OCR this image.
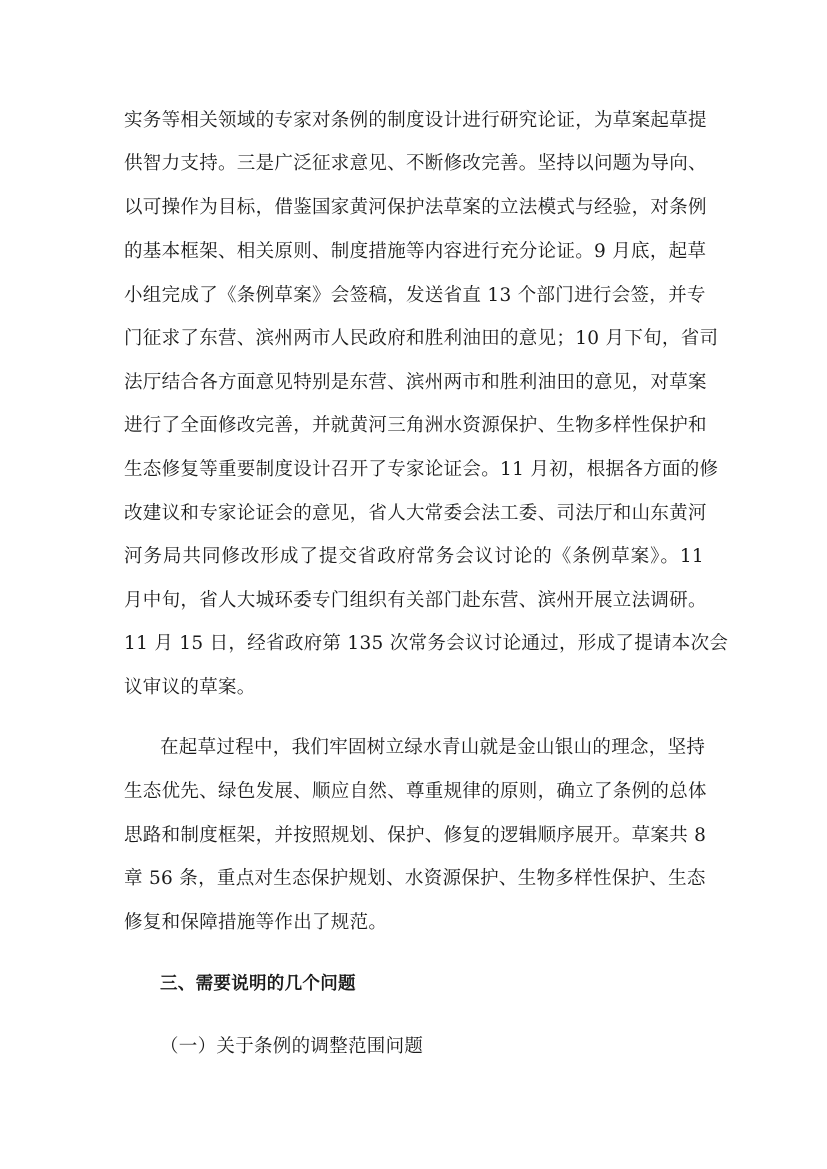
实务等相关领域的专家对条例的制度设计进行研究论证，为草案起草提
供智力支持。三是广泛征求意见、不断修改完善。坚持以问题为导向、
以可操作为目标，借鉴国家黄河保护法草案的立法模式与经验，对条例
的基本框架、相关原则、制度措施等内容进行充分论证。9 月底，起草
小组完成了《条例草案》会签稿，发送省直 13 个部门进行会签，并专
门征求了东营、滨州两市人民政府和胜利油田的意见；10 月下旬，省司
法厅结合各方面意见特别是东营、滨州两市和胜利油田的意见，对草案
进行了全面修改完善，并就黄河三角洲水资源保护、生物多样性保护和
生态修复等重要制度设计召开了专家论证会。11 月初，根据各方面的修
改建议和专家论证会的意见，省人大常委会法工委、司法厅和山东黄河
河务局共同修改形成了提交省政府常务会议讨论的《条例草案》。11
月中旬，省人大城环委专门组织有关部门赴东营、滨州开展立法调研。
11 月 15 日，经省政府第 135 次常务会议讨论通过，形成了提请本次会
议审议的草案。
在起草过程中，我们牢固树立绿水青山就是金山银山的理念，坚持
生态优先、绿色发展、顺应自然、尊重规律的原则，确立了条例的总体
思路和制度框架，并按照规划、保护、修复的逻辑顺序展开。草案共 8
章 56 条，重点对生态保护规划、水资源保护、生物多样性保护、生态
修复和保障措施等作出了规范。
三、需要说明的几个问题
（一）关于条例的调整范围问题
